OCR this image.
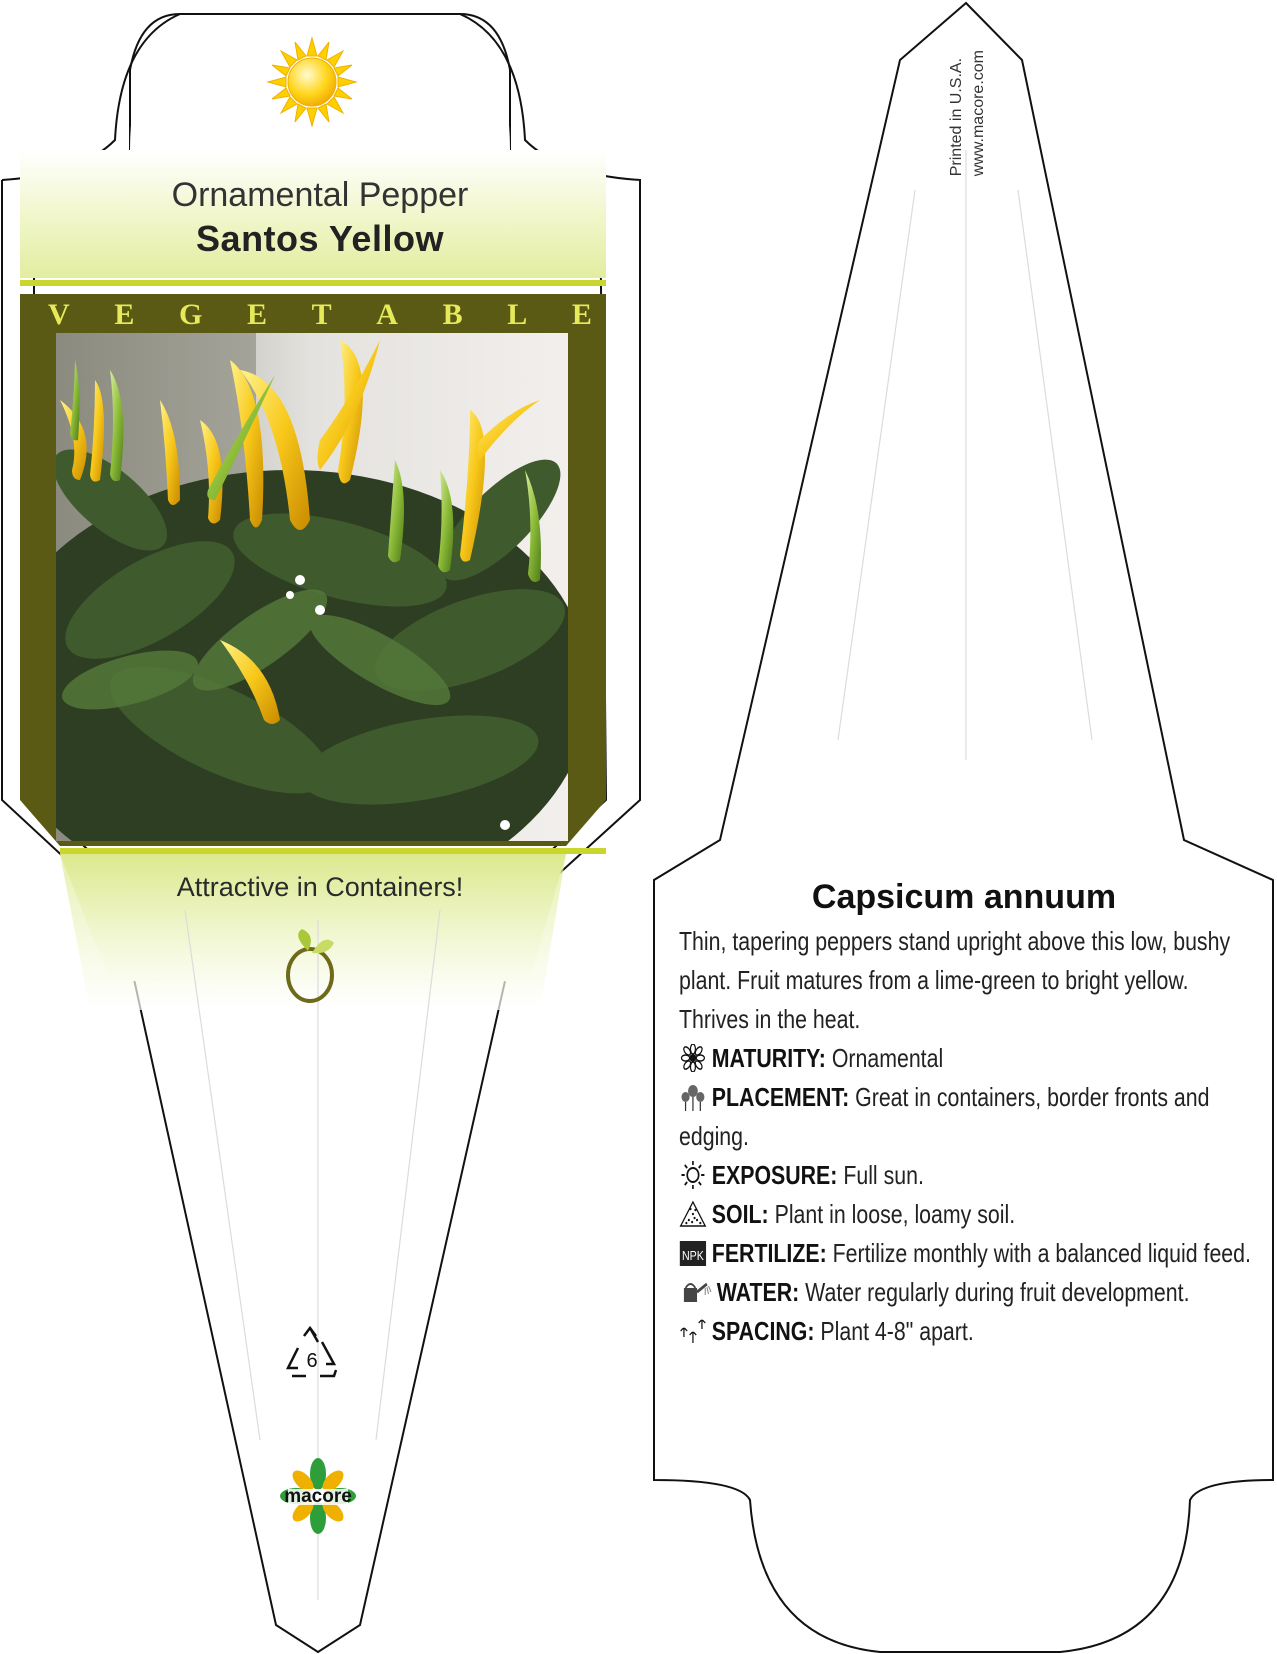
Ornamental Pepper
Santos Yellow
V E G E T A B L E
Attractive in Containers!
6
macore
Printed in U.S.A. www.macore.com
Capsicum annuum

Thin, tapering peppers stand upright above this low, bushy plant. Fruit matures from a lime-green to bright yellow. Thrives in the heat.

MATURITY: Ornamental

PLACEMENT: Great in containers, border fronts and edging.

EXPOSURE: Full sun.

SOIL: Plant in loose, loamy soil.

NPK FERTILIZE: Fertilize monthly with a balanced liquid feed.

WATER: Water regularly during fruit development.

SPACING: Plant 4-8" apart.
